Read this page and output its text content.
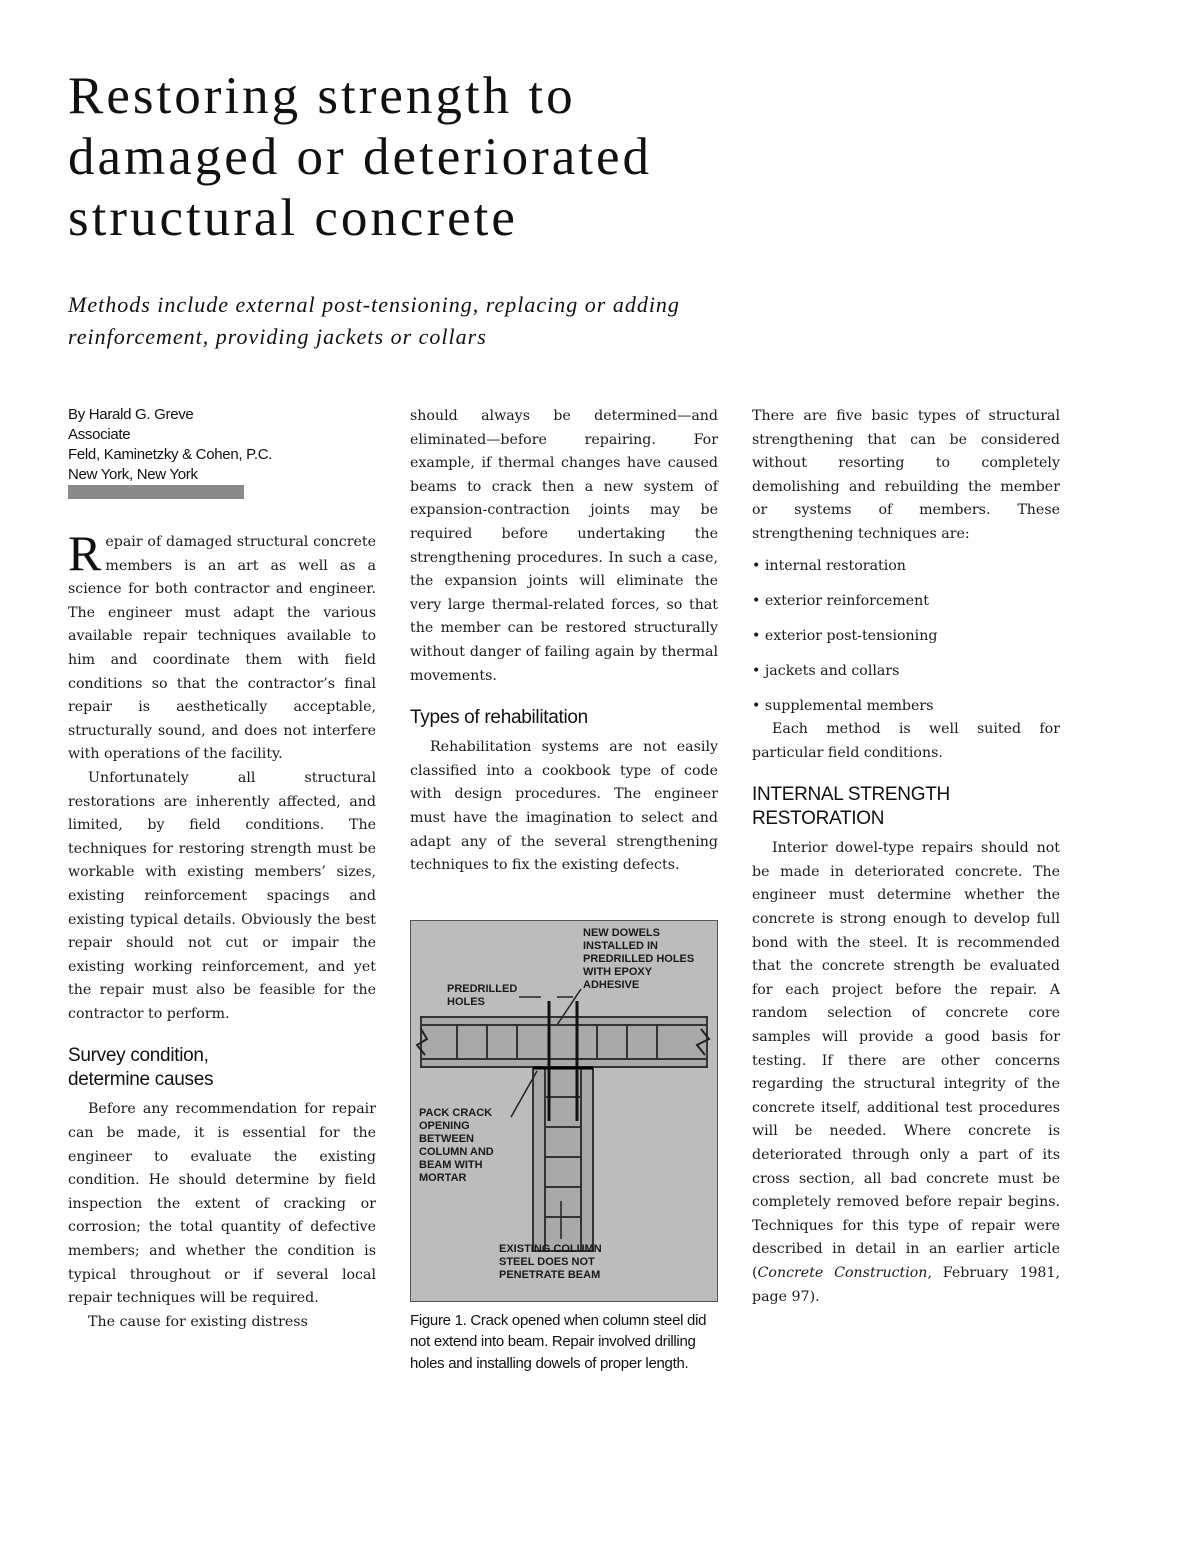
Restoring strength to
damaged or deteriorated
structural concrete
Methods include external post-tensioning, replacing or adding
reinforcement, providing jackets or collars
By Harald G. Greve
Associate
Feld, Kaminetzky & Cohen, P.C.
New York, New York

Repair of damaged structural concrete members is an art as well as a science for both contractor and engineer. The engineer must adapt the various available repair techniques available to him and coordinate them with field conditions so that the contractor’s final repair is aesthetically acceptable, structurally sound, and does not interfere with operations of the facility.

Unfortunately all structural restorations are inherently affected, and limited, by field conditions. The techniques for restoring strength must be workable with existing members’ sizes, existing reinforcement spacings and existing typical details. Obviously the best repair should not cut or impair the existing working reinforcement, and yet the repair must also be feasible for the contractor to perform.

Survey condition,
determine causes

Before any recommendation for repair can be made, it is essential for the engineer to evaluate the existing condition. He should determine by field inspection the extent of cracking or corrosion; the total quantity of defective members; and whether the condition is typical throughout or if several local repair techniques will be required.

The cause for existing distress

should always be determined—and eliminated—before repairing. For example, if thermal changes have caused beams to crack then a new system of expansion-contraction joints may be required before undertaking the strengthening procedures. In such a case, the expansion joints will eliminate the very large thermal-related forces, so that the member can be restored structurally without danger of failing again by thermal movements.

Types of rehabilitation

Rehabilitation systems are not easily classified into a cookbook type of code with design procedures. The engineer must have the imagination to select and adapt any of the several strengthening techniques to fix the existing defects.

NEW DOWELS
INSTALLED IN
PREDRILLED HOLES
WITH EPOXY
ADHESIVE
PREDRILLED
HOLES
PACK CRACK
OPENING
BETWEEN
COLUMN AND
BEAM WITH
MORTAR
EXISTING COLUMN
STEEL DOES NOT
PENETRATE BEAM
Figure 1. Crack opened when column steel did not extend into beam. Repair involved drilling holes and installing dowels of proper length.

There are five basic types of structural strengthening that can be considered without resorting to completely demolishing and rebuilding the member or systems of members. These strengthening techniques are:

• internal restoration
• exterior reinforcement
• exterior post-tensioning
• jackets and collars
• supplemental members

Each method is well suited for particular field conditions.

INTERNAL STRENGTH
RESTORATION

Interior dowel-type repairs should not be made in deteriorated concrete. The engineer must determine whether the concrete is strong enough to develop full bond with the steel. It is recommended that the concrete strength be evaluated for each project before the repair. A random selection of concrete core samples will provide a good basis for testing. If there are other concerns regarding the structural integrity of the concrete itself, additional test procedures will be needed. Where concrete is deteriorated through only a part of its cross section, all bad concrete must be completely removed before repair begins. Techniques for this type of repair were described in detail in an earlier article (Concrete Construction, February 1981, page 97).
